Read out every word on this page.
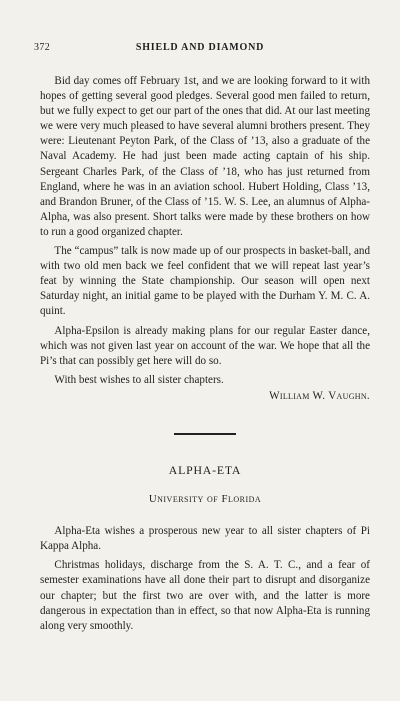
372	SHIELD AND DIAMOND

Bid day comes off February 1st, and we are looking forward to it with hopes of getting several good pledges. Several good men failed to return, but we fully expect to get our part of the ones that did. At our last meeting we were very much pleased to have several alumni brothers present. They were: Lieutenant Peyton Park, of the Class of ’13, also a graduate of the Naval Academy. He had just been made acting captain of his ship. Sergeant Charles Park, of the Class of ’18, who has just returned from England, where he was in an aviation school. Hubert Holding, Class ’13, and Brandon Bruner, of the Class of ’15. W. S. Lee, an alumnus of Alpha-Alpha, was also present. Short talks were made by these brothers on how to run a good organized chapter.

The “campus” talk is now made up of our prospects in basket-ball, and with two old men back we feel confident that we will repeat last year’s feat by winning the State championship. Our season will open next Saturday night, an initial game to be played with the Durham Y. M. C. A. quint.

Alpha-Epsilon is already making plans for our regular Easter dance, which was not given last year on account of the war. We hope that all the Pi’s that can possibly get here will do so.

With best wishes to all sister chapters.

William W. Vaughn.
ALPHA-ETA
University of Florida

Alpha-Eta wishes a prosperous new year to all sister chapters of Pi Kappa Alpha.

Christmas holidays, discharge from the S. A. T. C., and a fear of semester examinations have all done their part to disrupt and disorganize our chapter; but the first two are over with, and the latter is more dangerous in expectation than in effect, so that now Alpha-Eta is running along very smoothly.
